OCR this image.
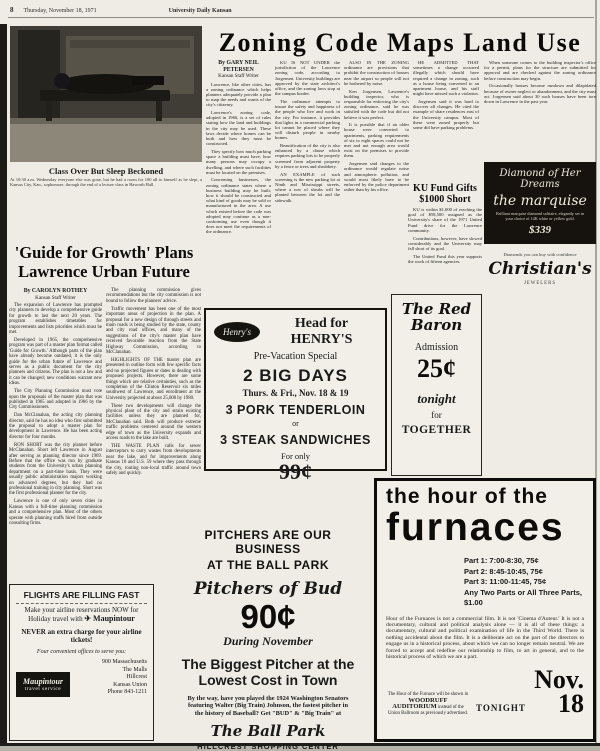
8 Thursday, November 18, 1971	University Daily Kansan
Class Over But Sleep Beckoned
At 10:30 a.m. Wednesday everyone else was gone, but he had a room for 100 all to himself as he slept, a Kansas City, Kan., sophomore, through the end of a lecture class in Haworth Hall.
Zoning Code Maps Land Use
By GARY NEIL PETERSEN
Kansan Staff Writer

Lawrence, like other cities, has a zoning ordinance which helps planners adequately provide a plan to map the needs and wants of the city's citizenry.

Lawrence's zoning code, adopted in 1966, is a set of rules stating how the land and buildings in the city may be used. These laws decide where homes can be built and how they must be constructed.

They specify how much parking space a building must have, how many persons may occupy a dwelling, and where such facilities must be located on the premises.

Concerning businesses, the zoning ordinance states where a business building may be built, how it should be constructed and what kind of goods may be sold or manufactured in the area. A use which existed before the code was adopted may continue as a non-conforming use even though it does not meet the requirements of the ordinance.

KU IS NOT UNDER the jurisdiction of the Lawrence zoning code, according to Jorgensen. University buildings are approved by the state architect's office, and the zoning laws stop at the campus border.

The ordinance attempts to insure the safety and happiness of the people who live and work in the city. For instance, it provides that lights in a commercial parking lot cannot be placed where they will disturb people in nearby homes.

Beautification of the city is also enhanced by a clause which requires parking lots to be properly screened from adjacent property by a fence or trees and shrubbery.

AN EXAMPLE of such screening is the new parking lot at Ninth and Mississippi streets, where a row of shrubs will be planted between the lot and the sidewalk.

ALSO IN THE ZONING ordinance are provisions that prohibit the construction of houses near the airport so people will not be bothered by noise.

Ken Jorgensen, Lawrence's building inspector, who is responsible for enforcing the city's zoning ordinance, said he was satisfied with the code but did not believe it was perfect.

It is possible that if an older house were converted to apartments, parking requirements of six to eight spaces could not be met and not enough area would exist on the premises to provide them.

Jorgensen said changes to the ordinance would regulate noise and atmospheric pollution, and would most likely have to be enforced by the police department rather than by his office.

HE ADMITTED THAT sometimes a change occurred illegally which should have required a change in zoning, such as a house being converted to an apartment house, and his staff might have missed such a violation.

Jorgensen said it was hard to discover all changes. He cited the example of share residences east of the University campus. Most of these were zoned properly but some did have parking problems.

When someone comes to the building inspector's office for a permit, plans for the structure are submitted for approval and are checked against the zoning ordinance before construction may begin.

Occasionally houses become rundown and dilapidated because of owner neglect or abandonment, and the city must act. Jorgensen said about 30 such houses have been torn down in Lawrence in the past year.

KU Fund Gifts
$1000 Short

KU is within $1,000 of reaching the goal of $58,500 assigned as the University's share of the 1971 United Fund drive for the Lawrence community.

Contributions, however, have slowed considerably and the University may fall short of its goal.

The United Fund this year supports the work of fifteen agencies.

'Guide for Growth' Plans
Lawrence Urban Future
By CAROLYN ROTHEY
Kansan Staff Writer

The expansion of Lawrence has prompted city planners to develop a comprehensive guide for growth to last the next 20 years. The program establishes timetables for improvements and lists priorities which must be met.

Developed in 1965, the comprehensive program was part of a master plan format called 'Guide for Growth.' Although parts of the plan have already become outdated, it is the only guide for the urban future of Lawrence and serves as a public document for the city planners and citizens. The plan is not a law and it can be changed; new conditions warrant new ideas.

The City Planning Commission must vote upon the proposals of the master plan that was published in 1965 and adopted in 1966 by the City Commissioners.

Dan McClanahan, the acting city planning director, said he has no idea who first submitted the proposal to adopt a master plan for development in Lawrence. He has been acting director for four months.

RON SHORT was the city planner before McClanahan. Short left Lawrence in August after serving as planning director since 1969. Before that the office was run by graduate students from the University's urban planning department on a part-time basis. They were usually public administration majors working on advanced degrees, but they had no professional training in city planning. Short was the first professional planner for the city.

Lawrence is one of only seven cities in Kansas with a full-time planning commission and a comprehensive plan. Most of the others operate with planning staffs hired from outside consulting firms.

The planning commission gives recommendations but the city commission is not bound to follow the planners' advice.

Traffic movement has been one of the most important areas of projection in the plan. A proposal for a new design of through streets and main roads is being studied by the state, county and city road offices, and many of the suggestions of the city's master plan have received favorable reaction from the State Highway Commission, according to McClanahan.

HIGHLIGHTS OF THE master plan are presented in outline form with few specific facts and no projected figures or dates in dealing with proposed projects. However, there are some things which are relative certainties, such as the completion of the Clinton Reservoir six miles southwest of Lawrence, and enrollment at the University projected at about 25,000 by 1980.

These two developments will change the physical plant of the city and strain existing facilities unless they are planned for, McClanahan said. Both will produce extreme traffic problems centered around the western edge of town as the University expands and access roads to the lake are built.

THE WASTE PLAN calls for sewer interceptors to carry wastes from developments near the lake, and for improvements along Kansas 10 and U.S. 59 where they pass through the city, routing non-local traffic around town safely and quickly.

Diamond of Her Dreams
the marquise
Brilliant marquise diamond solitaire, elegantly set in your choice of 14K white or yellow gold.
$339
Diamonds you can buy with confidence
Christian's
JEWELERS
The Red Baron
Admission
25¢
tonight
for
TOGETHER
Henry's
Head for HENRY'S
Pre-Vacation Special
2 BIG DAYS
Thurs. & Fri., Nov. 18 & 19
3 PORK TENDERLOIN
or
3 STEAK SANDWICHES
For only
99¢
the hour of the
furnaces

Part 1: 7:00-8:30, 75¢

Part 2: 8:45-10:45, 75¢

Part 3: 11:00-11:45, 75¢

Any Two Parts or All Three Parts, $1.00

Hour of the Furnaces is not a commercial film. It is not 'Cinema d'Auteur.' It is not a documentary, cultural and political analysis alone — it is all of these things: a documentary, cultural and political examination of life in the Third World. There is nothing accidental about the film. It is a deliberate act on the part of the directors to engage us in a historical process, about which we can no longer remain neutral. We are forced to accept and redefine our relationship to film, to art in general, and to the historical process of which we are a part.
The Hour of the Furnace will be shown in WOODRUFF AUDITORIUM instead of the Union Ballroom as previously advertised. TONIGHT
Nov. 18
PITCHERS ARE OUR BUSINESS
AT THE BALL PARK
Pitchers of Bud
90¢
During November
The Biggest Pitcher at the
Lowest Cost in Town
By the way, have you played the 1924 Washington Senators featuring Walter (Big Train) Johnson, the fastest pitcher in the history of Baseball? Get "BUD" & "Big Train" at
The Ball Park
HILLCREST SHOPPING CENTER
FLIGHTS ARE FILLING FAST
Make your airline reservations NOW for Holiday travel with ✈ Maupintour
NEVER an extra charge for your airline tickets!
Four convenient offices to serve you:
Maupintour
travel service

900 Massachusetts

The Malls

Hillcrest

Kansas Union

Phone 843-1211
